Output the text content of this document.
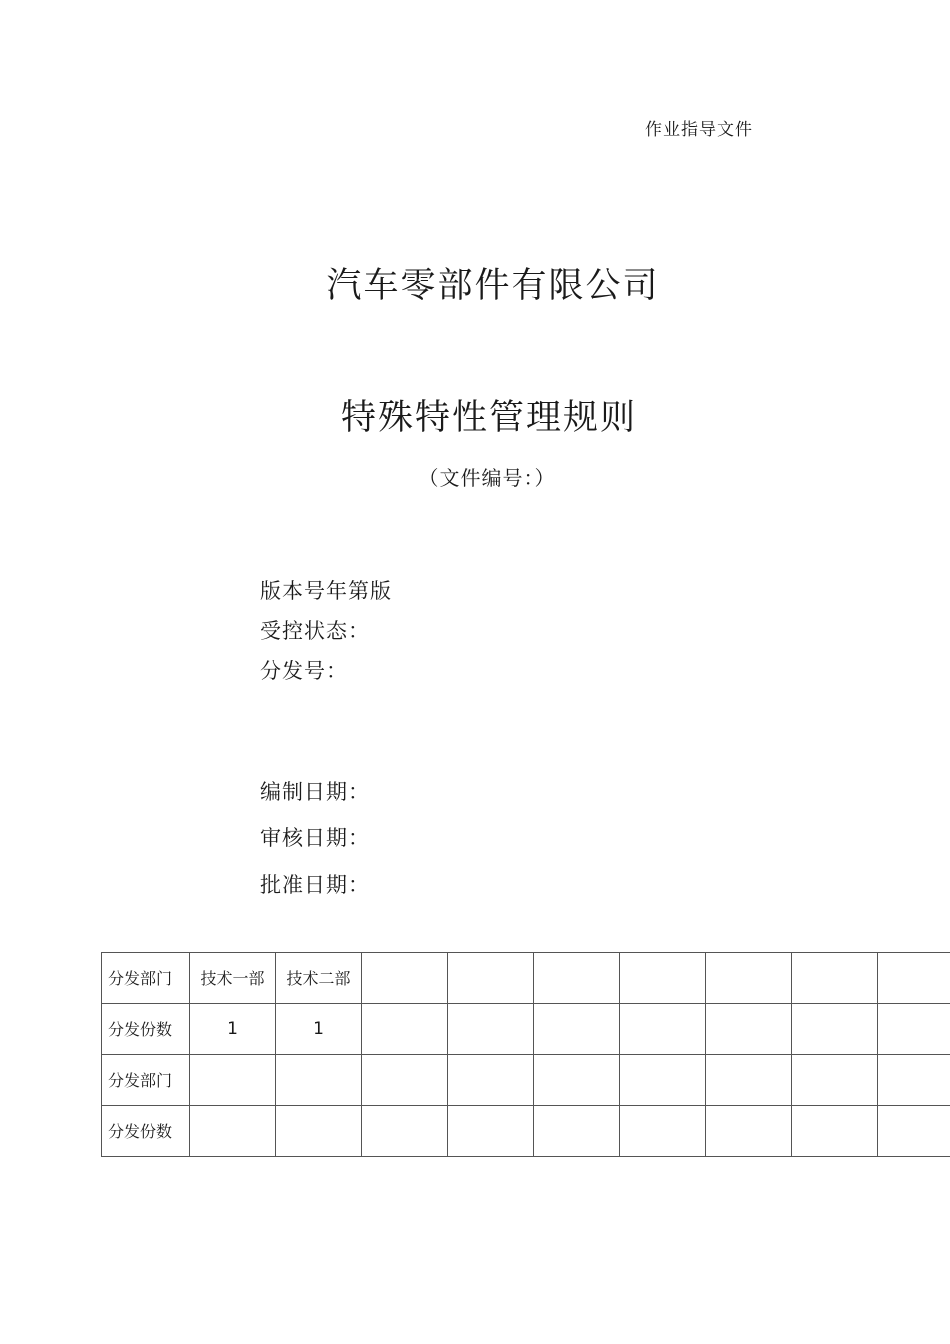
作业指导文件
汽车零部件有限公司
特殊特性管理规则
（文件编号：）
版本号年第版
受控状态：
分发号：
编制日期：
审核日期：
批准日期：
分发部门	技术一部	技术二部							
分发份数	1	1							
分发部门									
分发份数									
